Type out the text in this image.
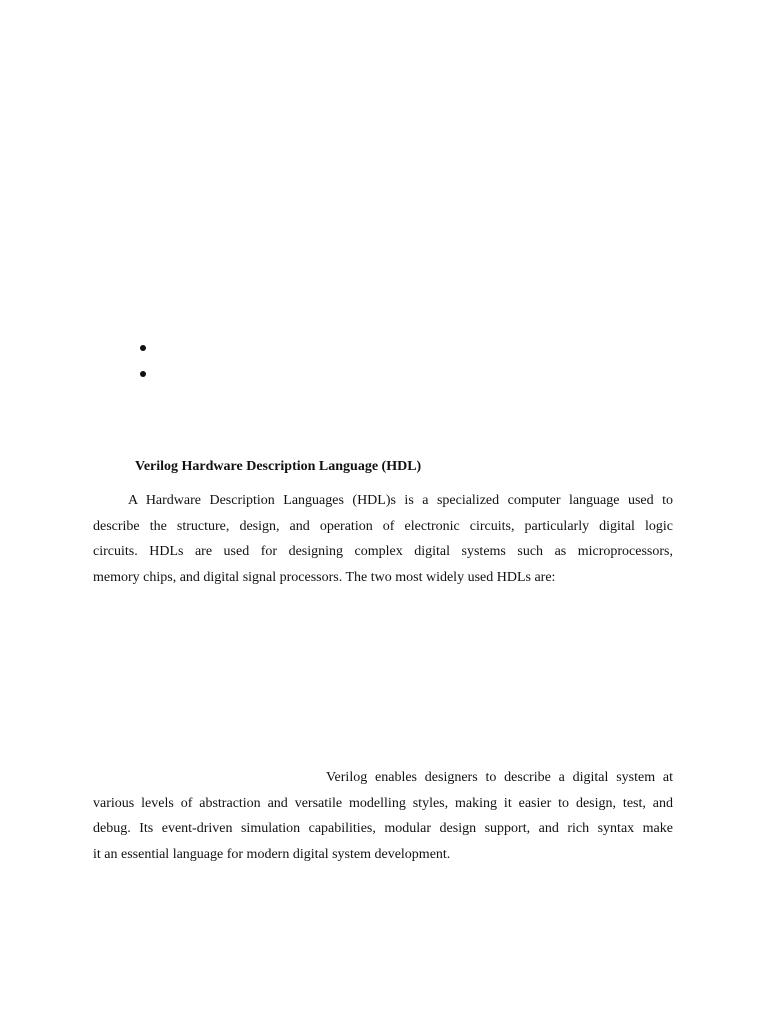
Verilog Hardware Description Language (HDL)

A Hardware Description Languages (HDL)s is a specialized computer language used to
describe the structure, design, and operation of electronic circuits, particularly digital logic
circuits. HDLs are used for designing complex digital systems such as microprocessors,
memory chips, and digital signal processors. The two most widely used HDLs are:

Verilog enables designers to describe a digital system at
various levels of abstraction and versatile modelling styles, making it easier to design, test, and
debug. Its event-driven simulation capabilities, modular design support, and rich syntax make
it an essential language for modern digital system development.
